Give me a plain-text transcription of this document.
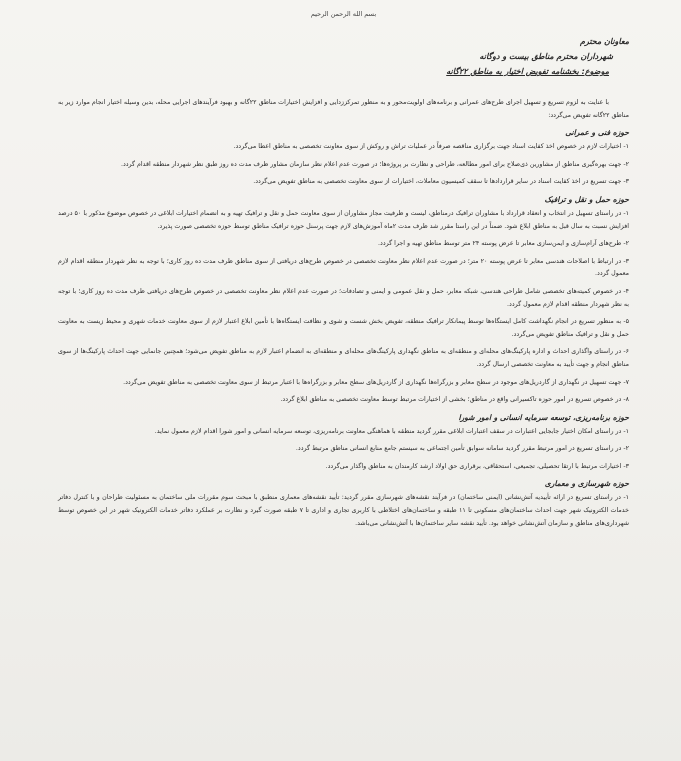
بسم الله الرحمن الرحیم
معاونان محترم
شهرداران محترم مناطق بیست و دوگانه
موضوع: بخشنامه تفویض اختیار به مناطق ۲۲گانه

با عنایت به لزوم تسریع و تسهیل اجرای طرح‌های عمرانی و برنامه‌های اولویت‌محور و به منظور تمرکززدایی و افزایش اختیارات مناطق ۲۲گانه و بهبود فرآیندهای اجرایی محله، بدین وسیله اختیار انجام موارد زیر به مناطق ۲۲گانه تفویض می‌گردد:

حوزه فنی و عمرانی

۱- اختیارات لازم در خصوص اخذ کفایت اسناد جهت برگزاری مناقصه صرفاً در عملیات تراش و روکش از سوی معاونت تخصصی به مناطق اعطا می‌گردد.

۲- جهت بهره‌گیری مناطق از مشاورین ذی‌صلاح برای امور مطالعه، طراحی و نظارت بر پروژه‌ها؛ در صورت عدم اعلام نظر سازمان مشاور ظرف مدت ده روز طبق نظر شهردار منطقه اقدام گردد.

۳- جهت تسریع در اخذ کفایت اسناد در سایر قراردادها تا سقف کمیسیون معاملات، اختیارات از سوی معاونت تخصصی به مناطق تفویض می‌گردد.

حوزه حمل و نقل و ترافیک

۱- در راستای تسهیل در انتخاب و انعقاد قرارداد با مشاوران ترافیک درمناطق، لیست و ظرفیت مجاز مشاوران از سوی معاونت حمل و نقل و ترافیک تهیه و به انضمام اختیارات ابلاغی در خصوص موضوع مذکور با ۵۰ درصد افزایش نسبت به سال قبل به مناطق ابلاغ شود. ضمناً در این راستا مقرر شد ظرف مدت ۲ماه آموزش‌های لازم جهت پرسنل حوزه ترافیک مناطق توسط حوزه تخصصی صورت پذیرد.

۲- طرح‌های آرام‌سازی و ایمن‌سازی معابر تا عرض پوسته ۲۴ متر توسط مناطق تهیه و اجرا گردد.

۳- در ارتباط با اصلاحات هندسی معابر تا عرض پوسته ۲۰ متر؛ در صورت عدم اعلام نظر معاونت تخصصی در خصوص طرح‌های دریافتی از سوی مناطق ظرف مدت ده روز کاری؛ با توجه به نظر شهردار منطقه اقدام لازم معمول گردد.

۴- در خصوص کمیته‌های تخصصی شامل طراحی هندسی، شبکه معابر، حمل و نقل عمومی و ایمنی و تصادفات؛ در صورت عدم اعلام نظر معاونت تخصصی در خصوص طرح‌های دریافتی ظرف مدت ده روز کاری؛ با توجه به نظر شهردار منطقه اقدام لازم معمول گردد.

۵- به منظور تسریع در انجام نگهداشت کامل ایستگاه‌ها توسط پیمانکار ترافیک منطقه، تفویض بخش شست و شوی و نظافت ایستگاه‌ها با تأمین ابلاغ اعتبار لازم از سوی معاونت خدمات شهری و محیط زیست به معاونت حمل و نقل و ترافیک مناطق تفویض می‌گردد.

۶- در راستای واگذاری احداث و اداره پارکینگ‌های محله‌ای و منطقه‌ای به مناطق نگهداری پارکینگ‌های محله‌ای و منطقه‌ای به انضمام اعتبار لازم به مناطق تفویض می‌شود؛ همچنین جانمایی جهت احداث پارکینگ‌ها از سوی مناطق انجام و جهت تأیید به معاونت تخصصی ارسال گردد.

۷- جهت تسهیل در نگهداری از گاردریل‌های موجود در سطح معابر و بزرگراه‌ها نگهداری از گاردریل‌های سطح معابر و بزرگراه‌ها با اعتبار مرتبط از سوی معاونت تخصصی به مناطق تفویض می‌گردد.

۸- در خصوص تسریع در امور حوزه تاکسیرانی واقع در مناطق؛ بخشی از اختیارات مرتبط توسط معاونت تخصصی به مناطق ابلاغ گردد.

حوزه برنامه‌ریزی، توسعه سرمایه انسانی و امور شورا

۱- در راستای امکان اختیار جابجایی اعتبارات در سقف اعتبارات ابلاغی مقرر گردید منطقه با هماهنگی معاونت برنامه‌ریزی، توسعه سرمایه انسانی و امور شورا اقدام لازم معمول نماید.

۲- در راستای تسریع در امور مرتبط مقرر گردید سامانه سوابق تأمین اجتماعی به سیستم جامع منابع انسانی مناطق مرتبط گردد.

۳- اختیارات مرتبط با ارتقا تحصیلی، تجمیعی، استحقاقی، برقراری حق اولاد ارشد کارمندان به مناطق واگذار می‌گردد.

حوزه شهرسازی و معماری

۱- در راستای تسریع در ارائه تأییدیه آتش‌نشانی (ایمنی ساختمان) در فرآیند نقشه‌های شهرسازی مقرر گردید: تأیید نقشه‌های معماری منطبق با مبحث سوم مقررات ملی ساختمان به مسئولیت طراحان و با کنترل دفاتر خدمات الکترونیک شهر جهت احداث ساختمان‌های مسکونی تا ۱۱ طبقه و ساختمان‌های اختلاطی با کاربری تجاری و اداری تا ۷ طبقه صورت گیرد و نظارت بر عملکرد دفاتر خدمات الکترونیک شهر در این خصوص توسط شهرداری‌های مناطق و سازمان آتش‌نشانی خواهد بود. تأیید نقشه سایر ساختمان‌ها با آتش‌نشانی می‌باشد.
